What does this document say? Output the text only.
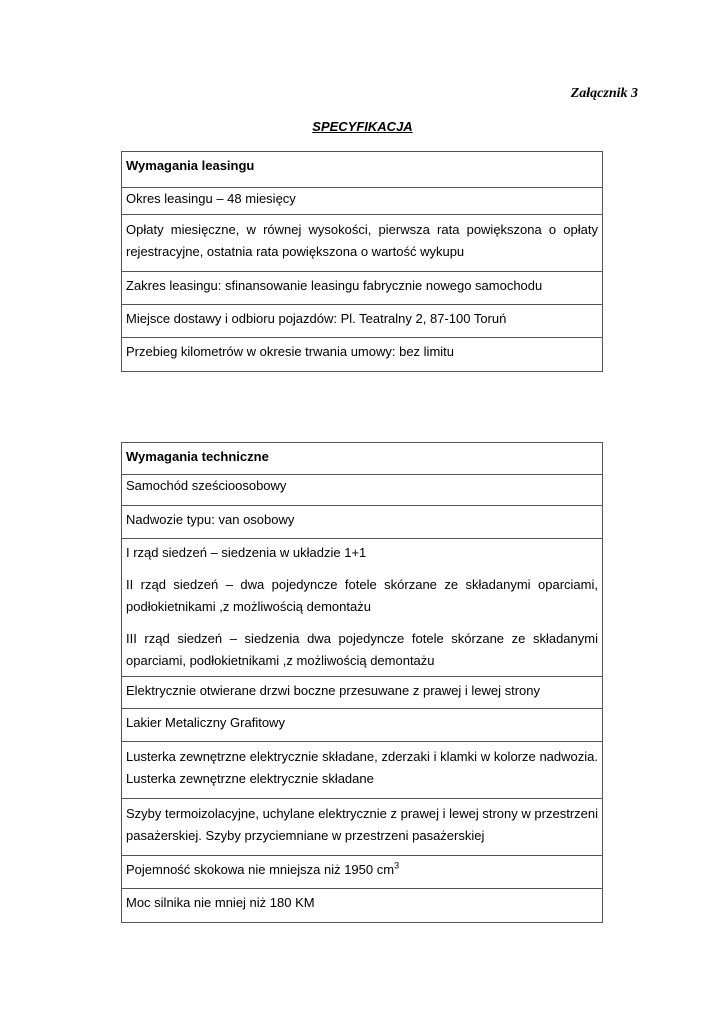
Załącznik 3
SPECYFIKACJA
Wymagania leasingu
Okres leasingu – 48 miesięcy
Opłaty miesięczne, w równej wysokości, pierwsza rata powiększona o opłaty rejestracyjne, ostatnia rata powiększona o wartość wykupu
Zakres leasingu: sfinansowanie leasingu fabrycznie nowego samochodu
Miejsce dostawy i odbioru pojazdów: Pl. Teatralny 2, 87-100 Toruń
Przebieg kilometrów w okresie trwania umowy: bez limitu
Wymagania techniczne
Samochód sześcioosobowy
Nadwozie typu: van osobowy

I rząd siedzeń – siedzenia w układzie 1+1

II rząd siedzeń – dwa pojedyncze fotele skórzane ze składanymi oparciami, podłokietnikami ,z możliwością demontażu

III rząd siedzeń – siedzenia dwa pojedyncze fotele skórzane ze składanymi oparciami, podłokietnikami ,z możliwością demontażu

Elektrycznie otwierane drzwi boczne przesuwane z prawej i lewej strony
Lakier Metaliczny Grafitowy
Lusterka zewnętrzne elektrycznie składane, zderzaki i klamki w kolorze nadwozia. Lusterka zewnętrzne elektrycznie składane
Szyby termoizolacyjne, uchylane elektrycznie z prawej i lewej strony w przestrzeni pasażerskiej. Szyby przyciemniane w przestrzeni pasażerskiej
Pojemność skokowa nie mniejsza niż 1950 $cm^3$
Moc silnika nie mniej niż 180 KM
